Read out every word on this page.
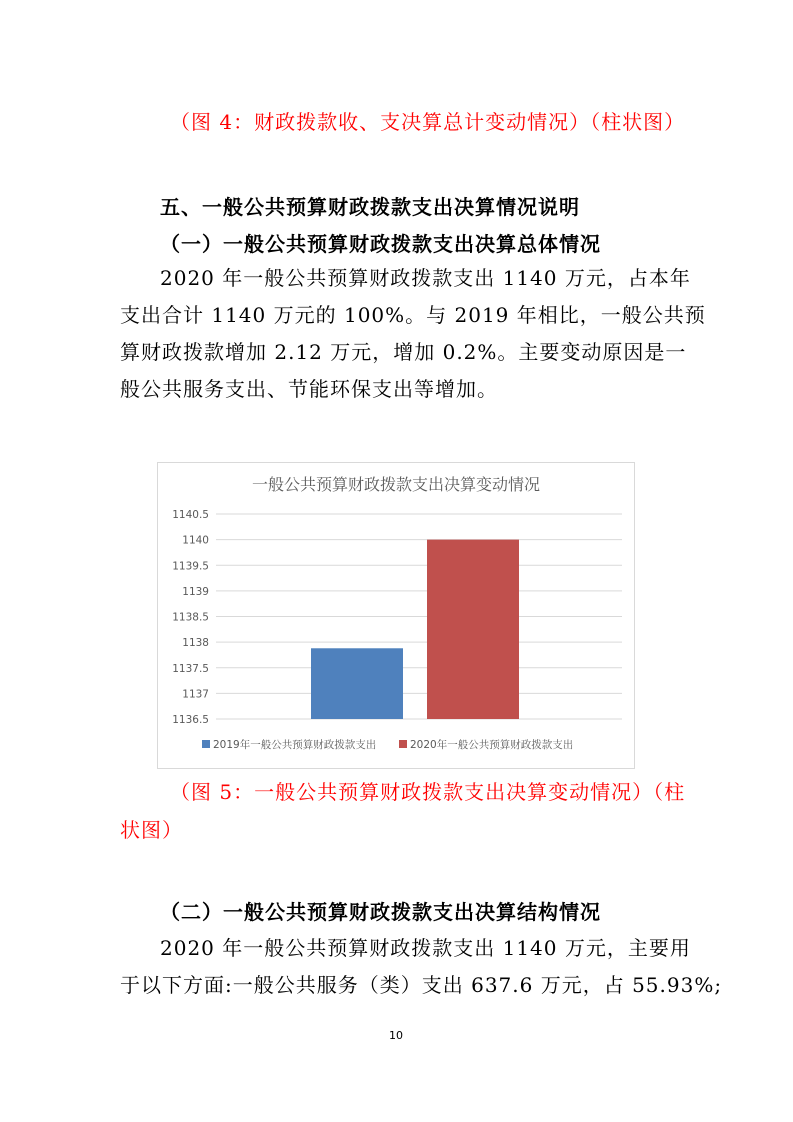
（图 4：财政拨款收、支决算总计变动情况）（柱状图）
五、一般公共预算财政拨款支出决算情况说明
（一）一般公共预算财政拨款支出决算总体情况
2020 年一般公共预算财政拨款支出 1140 万元，占本年
支出合计 1140 万元的 100%。与 2019 年相比，一般公共预
算财政拨款增加 2.12 万元，增加 0.2%。主要变动原因是一
般公共服务支出、节能环保支出等增加。
一般公共预算财政拨款支出决算变动情况
1136.5
1137
1137.5
1138
1138.5
1139
1139.5
1140
1140.5
2019年一般公共预算财政拨款支出	2020年一般公共预算财政拨款支出
（图 5：一般公共预算财政拨款支出决算变动情况）（柱
状图）
（二）一般公共预算财政拨款支出决算结构情况
2020 年一般公共预算财政拨款支出 1140 万元，主要用
于以下方面:一般公共服务（类）支出 637.6 万元，占 55.93%;
10
